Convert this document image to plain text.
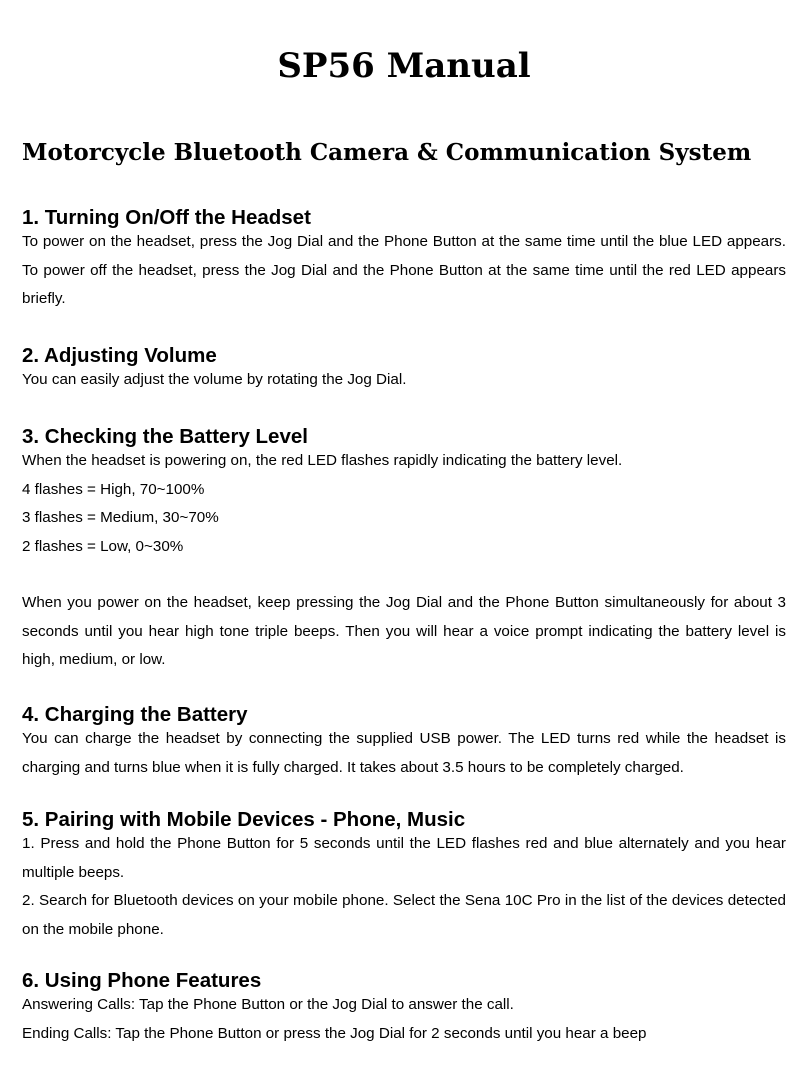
SP56 Manual
Motorcycle Bluetooth Camera & Communication System
1. Turning On/Off the Headset

To power on the headset, press the Jog Dial and the Phone Button at the same time until the blue LED appears. To power off the headset, press the Jog Dial and the Phone Button at the same time until the red LED appears briefly.

2. Adjusting Volume

You can easily adjust the volume by rotating the Jog Dial.

3. Checking the Battery Level

When the headset is powering on, the red LED flashes rapidly indicating the battery level.

4 flashes = High, 70~100%

3 flashes = Medium, 30~70%

2 flashes = Low, 0~30%

When you power on the headset, keep pressing the Jog Dial and the Phone Button simultaneously for about 3 seconds until you hear high tone triple beeps. Then you will hear a voice prompt indicating the battery level is high, medium, or low.

4. Charging the Battery

You can charge the headset by connecting the supplied USB power. The LED turns red while the headset is charging and turns blue when it is fully charged. It takes about 3.5 hours to be completely charged.

5. Pairing with Mobile Devices - Phone, Music

1. Press and hold the Phone Button for 5 seconds until the LED flashes red and blue alternately and you hear multiple beeps.

2. Search for Bluetooth devices on your mobile phone. Select the Sena 10C Pro in the list of the devices detected on the mobile phone.

6. Using Phone Features

Answering Calls: Tap the Phone Button or the Jog Dial to answer the call.

Ending Calls: Tap the Phone Button or press the Jog Dial for 2 seconds until you hear a beep
